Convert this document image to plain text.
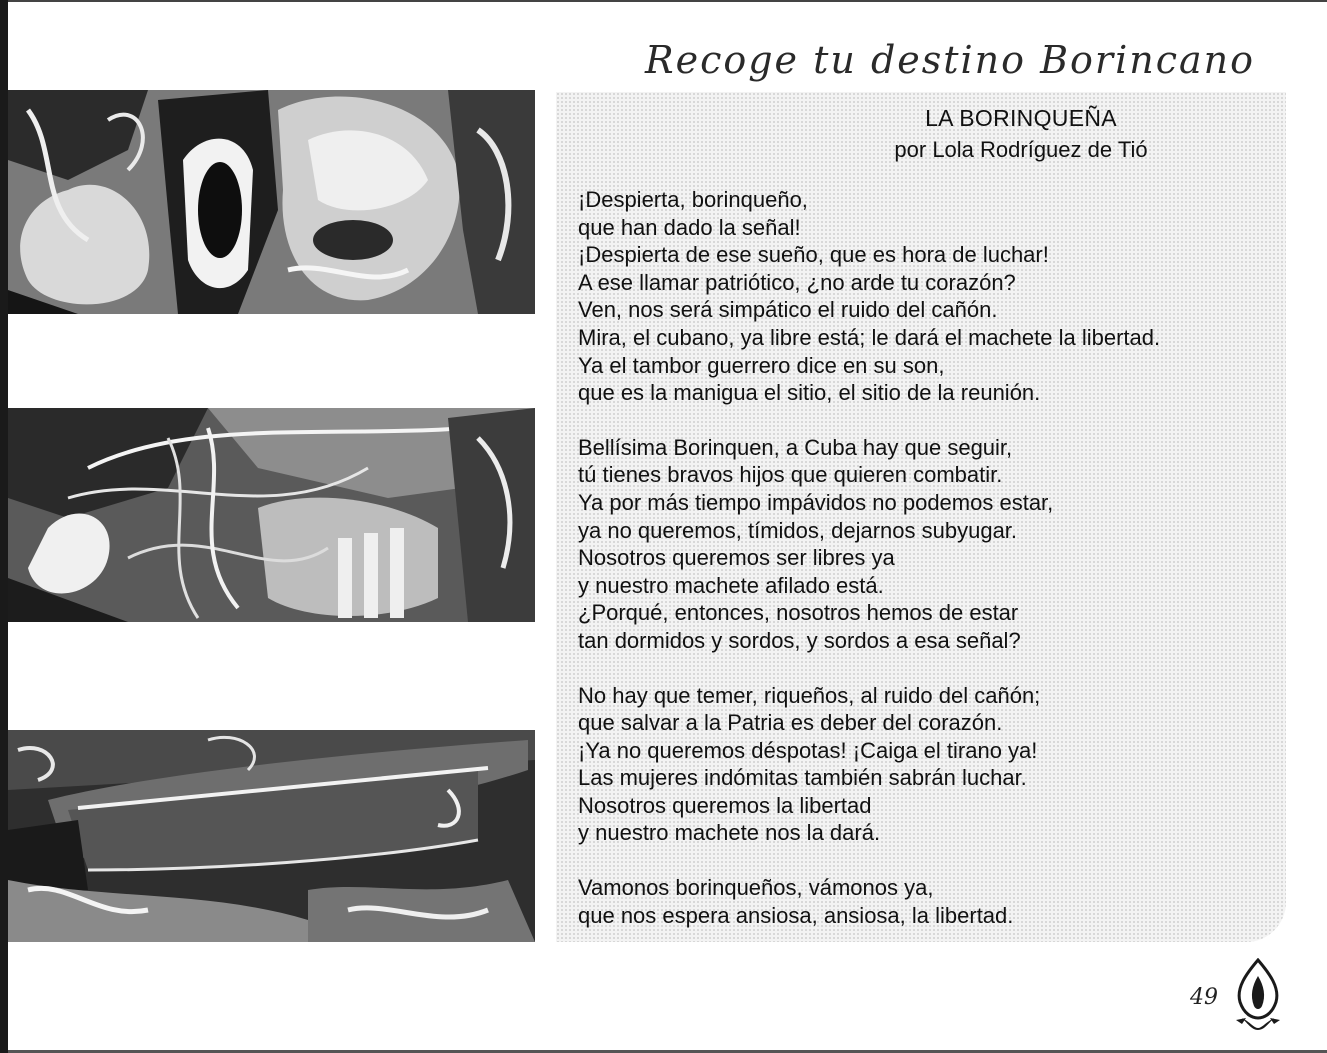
Recoge tu destino Borincano
LA BORINQUEÑA
por Lola Rodríguez de Tió
¡Despierta, borinqueño,
que han dado la señal!
¡Despierta de ese sueño, que es hora de luchar!
A ese llamar patriótico, ¿no arde tu corazón?
Ven, nos será simpático el ruido del cañón.
Mira, el cubano, ya libre está; le dará el machete la libertad.
Ya el tambor guerrero dice en su son,
que es la manigua el sitio, el sitio de la reunión.
Bellísima Borinquen, a Cuba hay que seguir,
tú tienes bravos hijos que quieren combatir.
Ya por más tiempo impávidos no podemos estar,
ya no queremos, tímidos, dejarnos subyugar.
Nosotros queremos ser libres ya
y nuestro machete afilado está.
¿Porqué, entonces, nosotros hemos de estar
tan dormidos y sordos, y sordos a esa señal?
No hay que temer, riqueños, al ruido del cañón;
que salvar a la Patria es deber del corazón.
¡Ya no queremos déspotas! ¡Caiga el tirano ya!
Las mujeres indómitas también sabrán luchar.
Nosotros queremos la libertad
y nuestro machete nos la dará.
Vamonos borinqueños, vámonos ya,
que nos espera ansiosa, ansiosa, la libertad.
49
